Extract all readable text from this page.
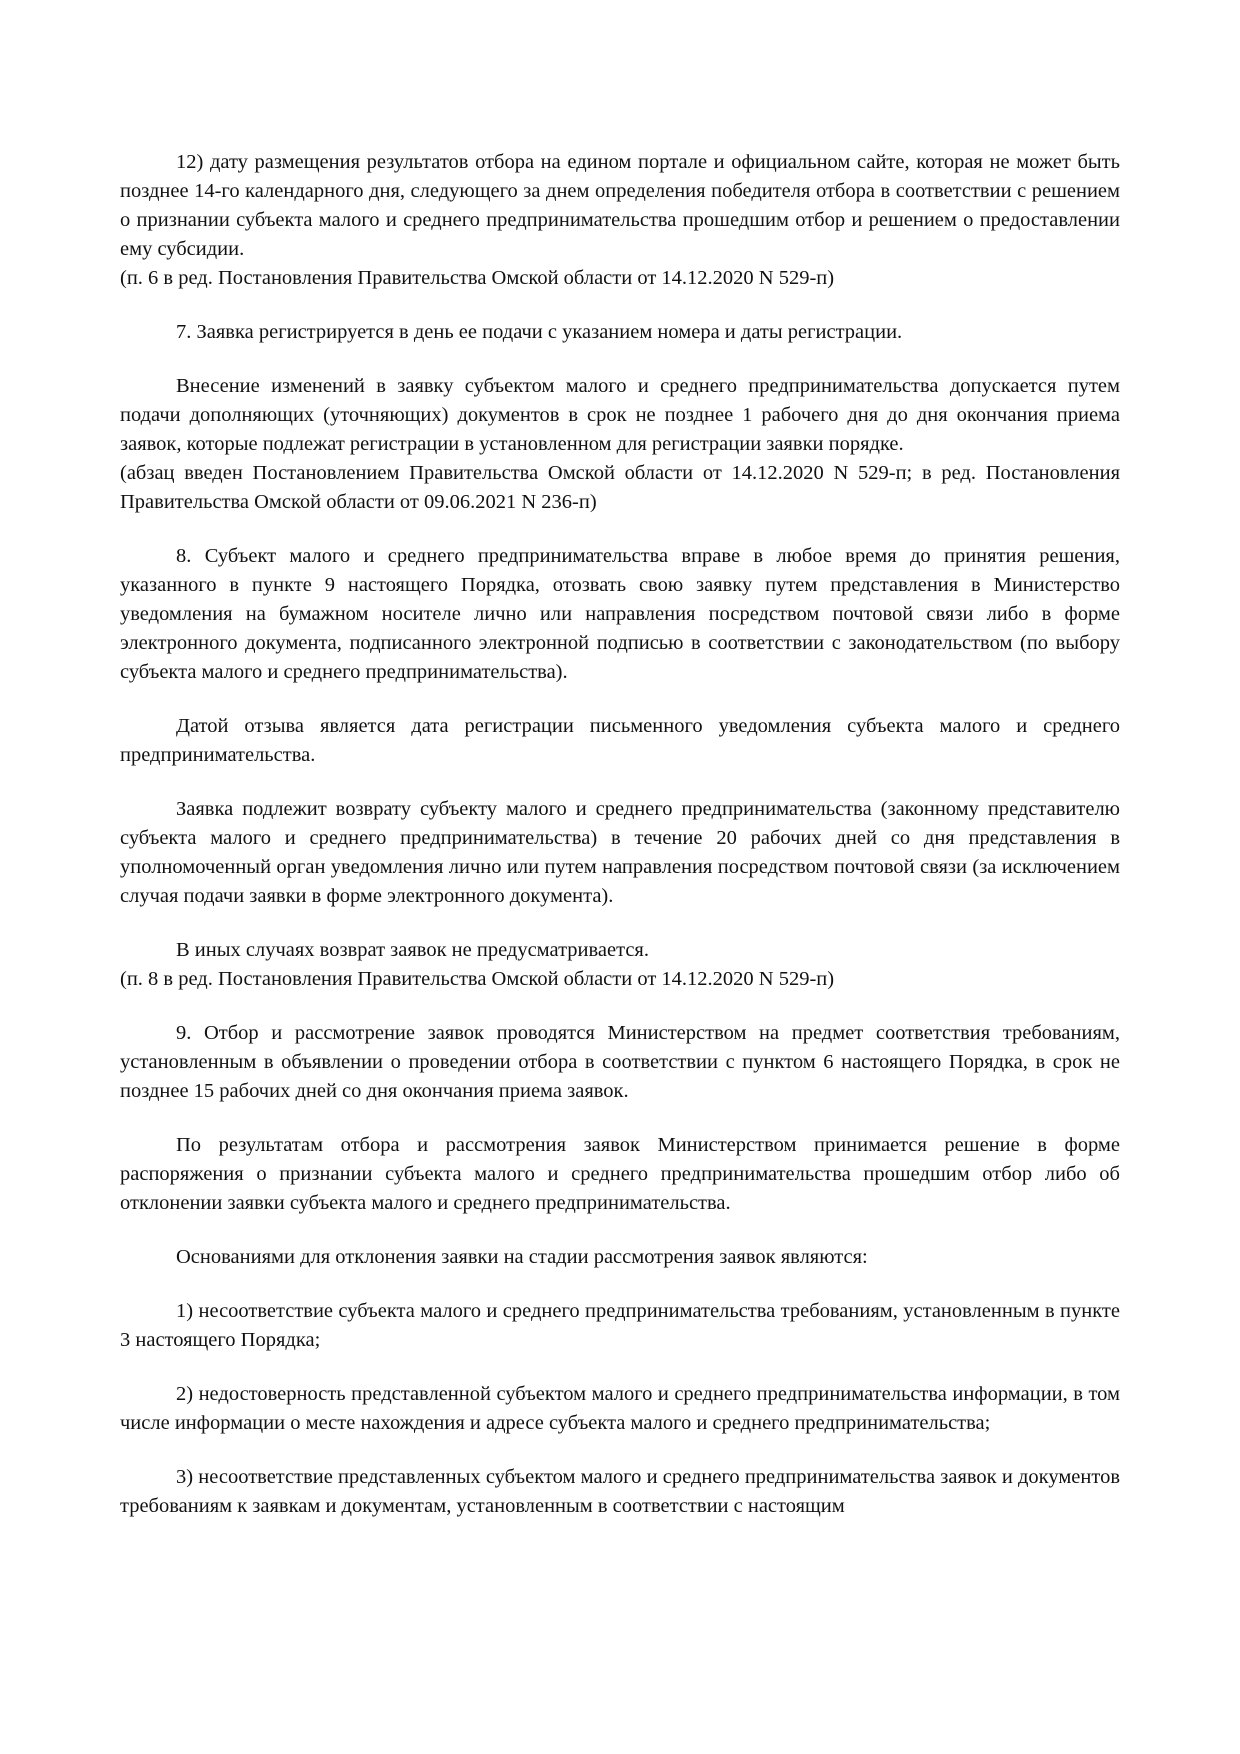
12) дату размещения результатов отбора на едином портале и официальном сайте, которая не может быть позднее 14-го календарного дня, следующего за днем определения победителя отбора в соответствии с решением о признании субъекта малого и среднего предпринимательства прошедшим отбор и решением о предоставлении ему субсидии.

(п. 6 в ред. Постановления Правительства Омской области от 14.12.2020 N 529-п)

7. Заявка регистрируется в день ее подачи с указанием номера и даты регистрации.

Внесение изменений в заявку субъектом малого и среднего предпринимательства допускается путем подачи дополняющих (уточняющих) документов в срок не позднее 1 рабочего дня до дня окончания приема заявок, которые подлежат регистрации в установленном для регистрации заявки порядке.

(абзац введен Постановлением Правительства Омской области от 14.12.2020 N 529-п; в ред. Постановления Правительства Омской области от 09.06.2021 N 236-п)

8. Субъект малого и среднего предпринимательства вправе в любое время до принятия решения, указанного в пункте 9 настоящего Порядка, отозвать свою заявку путем представления в Министерство уведомления на бумажном носителе лично или направления посредством почтовой связи либо в форме электронного документа, подписанного электронной подписью в соответствии с законодательством (по выбору субъекта малого и среднего предпринимательства).

Датой отзыва является дата регистрации письменного уведомления субъекта малого и среднего предпринимательства.

Заявка подлежит возврату субъекту малого и среднего предпринимательства (законному представителю субъекта малого и среднего предпринимательства) в течение 20 рабочих дней со дня представления в уполномоченный орган уведомления лично или путем направления посредством почтовой связи (за исключением случая подачи заявки в форме электронного документа).

В иных случаях возврат заявок не предусматривается.

(п. 8 в ред. Постановления Правительства Омской области от 14.12.2020 N 529-п)

9. Отбор и рассмотрение заявок проводятся Министерством на предмет соответствия требованиям, установленным в объявлении о проведении отбора в соответствии с пунктом 6 настоящего Порядка, в срок не позднее 15 рабочих дней со дня окончания приема заявок.

По результатам отбора и рассмотрения заявок Министерством принимается решение в форме распоряжения о признании субъекта малого и среднего предпринимательства прошедшим отбор либо об отклонении заявки субъекта малого и среднего предпринимательства.

Основаниями для отклонения заявки на стадии рассмотрения заявок являются:

1) несоответствие субъекта малого и среднего предпринимательства требованиям, установленным в пункте 3 настоящего Порядка;

2) недостоверность представленной субъектом малого и среднего предпринимательства информации, в том числе информации о месте нахождения и адресе субъекта малого и среднего предпринимательства;

3) несоответствие представленных субъектом малого и среднего предпринимательства заявок и документов требованиям к заявкам и документам, установленным в соответствии с настоящим
